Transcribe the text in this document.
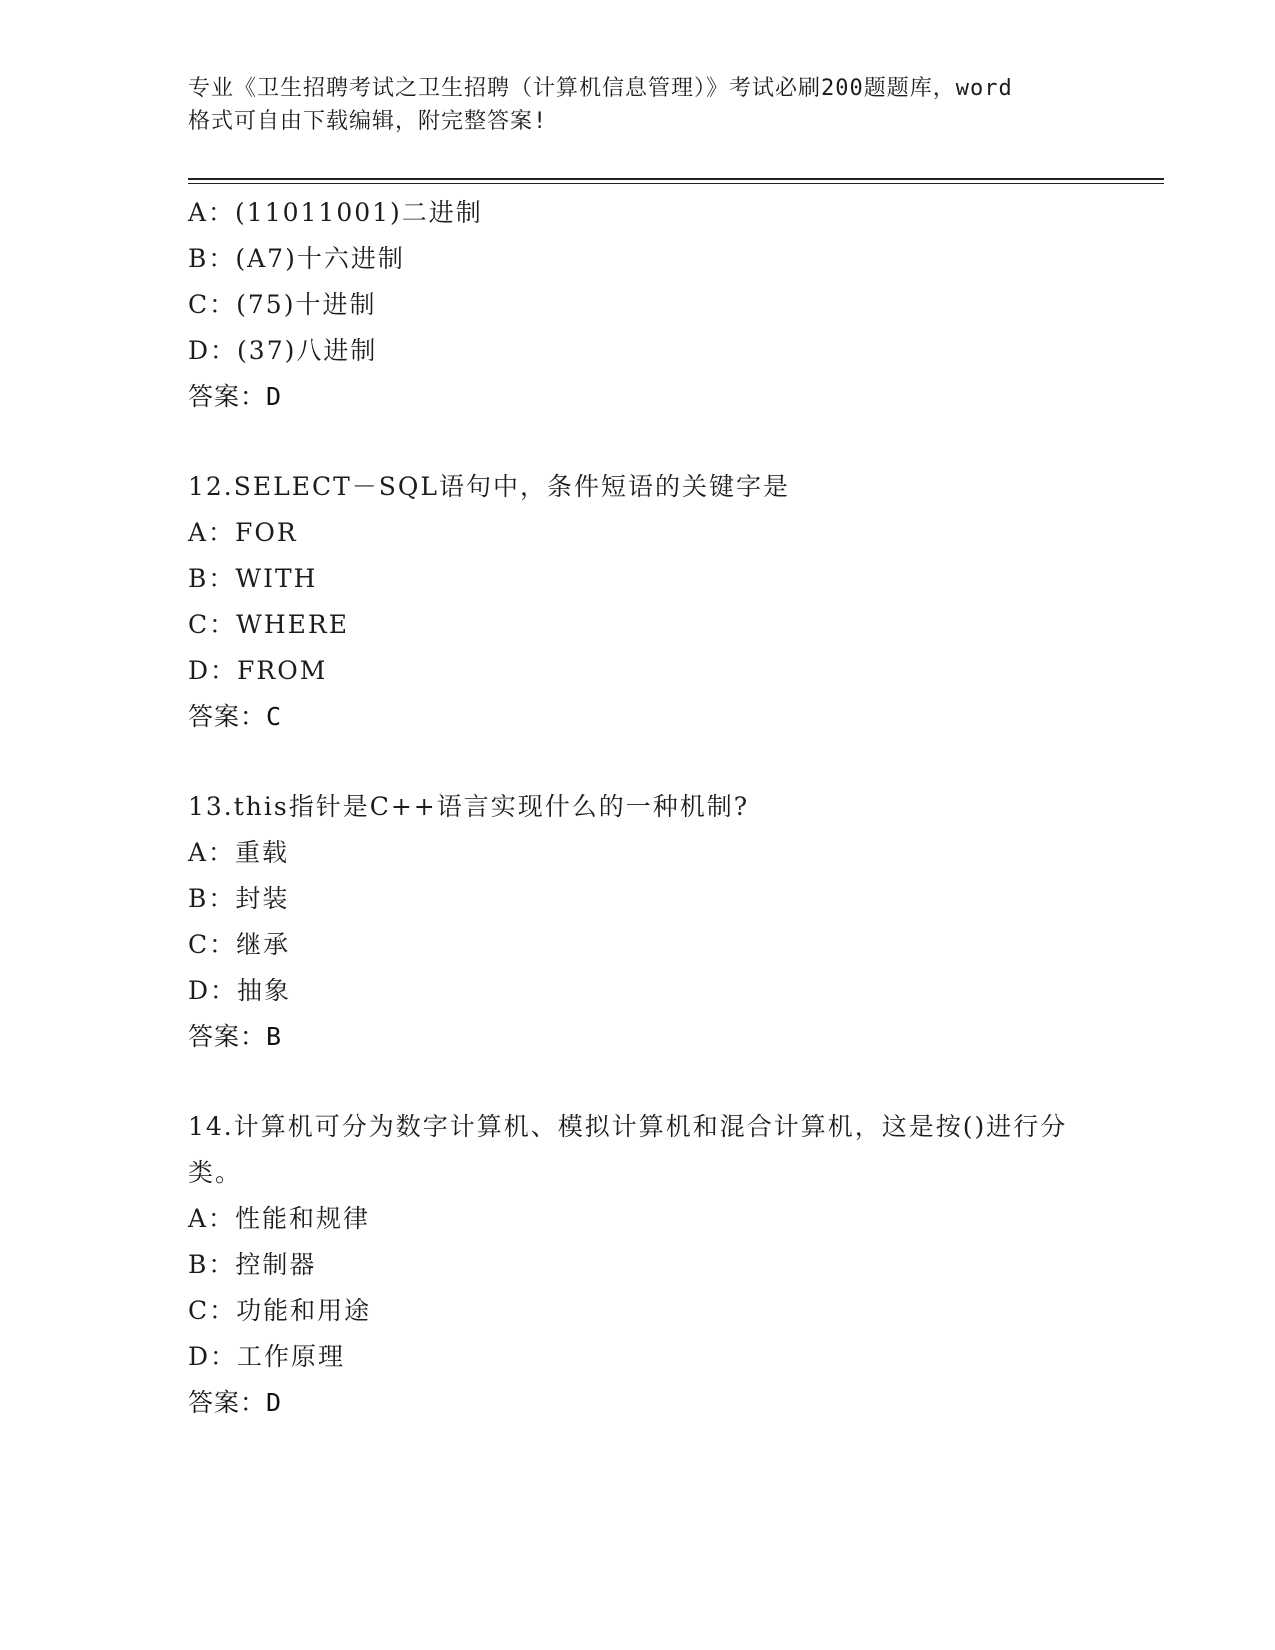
专业《卫生招聘考试之卫生招聘（计算机信息管理）》考试必刷200题题库，word
格式可自由下载编辑，附完整答案!
A：(11011001)二进制
B：(A7)十六进制
C：(75)十进制
D：(37)八进制
答案：D
12.SELECT－SQL语句中，条件短语的关键字是
A：FOR
B：WITH
C：WHERE
D：FROM
答案：C
13.this指针是C++语言实现什么的一种机制?
A：重载
B：封装
C：继承
D：抽象
答案：B
14.计算机可分为数字计算机、模拟计算机和混合计算机，这是按()进行分类。
A：性能和规律
B：控制器
C：功能和用途
D：工作原理
答案：D
